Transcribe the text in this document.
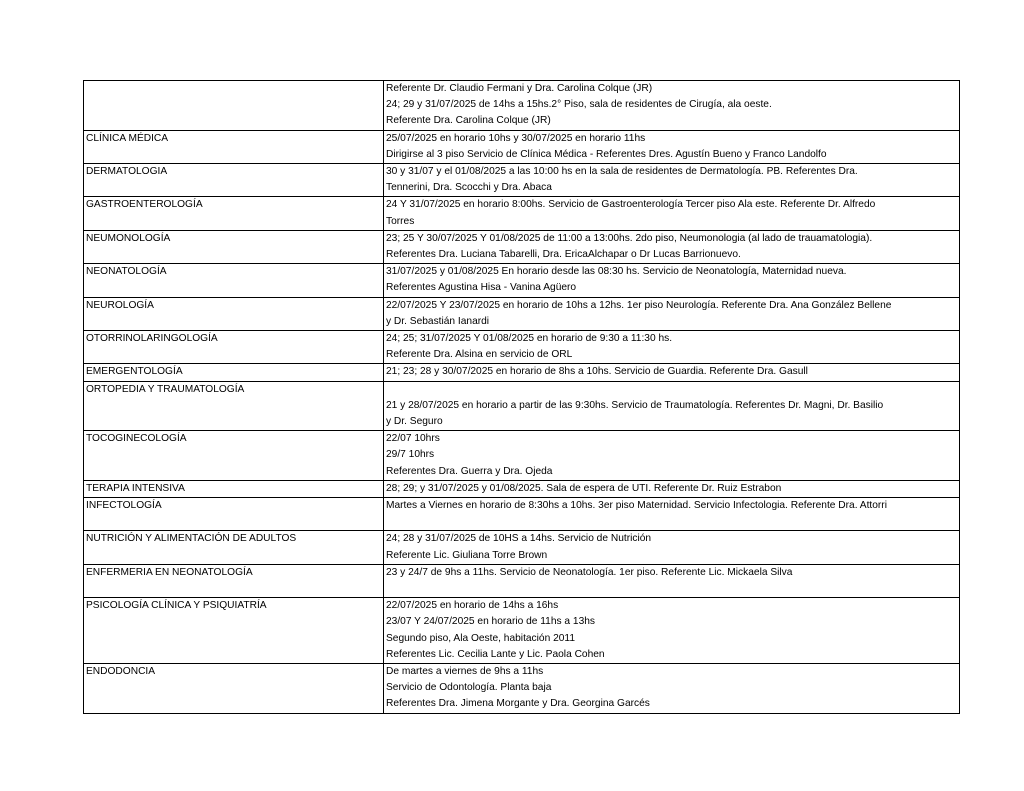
	Referente Dr. Claudio Fermani y Dra. Carolina Colque (JR)
24; 29 y 31/07/2025 de 14hs a 15hs.2° Piso, sala de residentes de Cirugía, ala oeste.
Referente Dra. Carolina Colque (JR)

CLÍNICA MÉDICA	25/07/2025 en horario 10hs y 30/07/2025 en horario 11hs
Dirigirse al 3 piso Servicio de Clínica Médica - Referentes Dres. Agustín Bueno y Franco Landolfo

DERMATOLOGIA	30 y 31/07 y el 01/08/2025 a las 10:00 hs en la sala de residentes de Dermatología. PB. Referentes Dra.
Tennerini, Dra. Scocchi y Dra. Abaca

GASTROENTEROLOGÍA	24 Y 31/07/2025 en horario 8:00hs. Servicio de Gastroenterología Tercer piso Ala este. Referente Dr. Alfredo
Torres

NEUMONOLOGÍA	23; 25 Y 30/07/2025 Y 01/08/2025 de 11:00 a 13:00hs. 2do piso, Neumonologia (al lado de trauamatologia).
Referentes Dra. Luciana Tabarelli, Dra. EricaAlchapar o Dr Lucas Barrionuevo.

NEONATOLOGÍA	31/07/2025 y 01/08/2025 En horario desde las 08:30 hs. Servicio de Neonatología, Maternidad nueva.
Referentes Agustina Hisa - Vanina Agüero

NEUROLOGÍA	22/07/2025 Y 23/07/2025 en horario de 10hs a 12hs. 1er piso Neurología. Referente Dra. Ana González Bellene
y Dr. Sebastián Ianardi

OTORRINOLARINGOLOGÍA	24; 25; 31/07/2025 Y 01/08/2025 en horario de 9:30 a 11:30 hs.
Referente Dra. Alsina en servicio de ORL

EMERGENTOLOGÍA	21; 23; 28 y 30/07/2025 en horario de 8hs a 10hs. Servicio de Guardia. Referente Dra. Gasull

ORTOPEDIA Y TRAUMATOLOGÍA	21 y 28/07/2025 en horario a partir de las 9:30hs. Servicio de Traumatología. Referentes Dr. Magni, Dr. Basilio
y Dr. Seguro

TOCOGINECOLOGÍA	22/07 10hrs
29/7 10hrs
Referentes Dra. Guerra y Dra. Ojeda

TERAPIA INTENSIVA	28; 29; y 31/07/2025 y 01/08/2025. Sala de espera de UTI. Referente Dr. Ruiz Estrabon

INFECTOLOGÍA	Martes a Viernes en horario de 8:30hs a 10hs. 3er piso Maternidad. Servicio Infectologia. Referente Dra. Attorri

NUTRICIÓN Y ALIMENTACIÓN DE ADULTOS	24; 28 y 31/07/2025 de 10HS a 14hs. Servicio de Nutrición
Referente Lic. Giuliana Torre Brown

ENFERMERIA EN NEONATOLOGÍA	23 y 24/7 de 9hs a 11hs. Servicio de Neonatología. 1er piso. Referente Lic. Mickaela Silva

PSICOLOGÍA CLÍNICA Y PSIQUIATRÍA	22/07/2025 en horario de 14hs a 16hs
23/07 Y 24/07/2025 en horario de 11hs a 13hs
Segundo piso, Ala Oeste, habitación 2011
Referentes Lic. Cecilia Lante y Lic. Paola Cohen

ENDODONCIA	De martes a viernes de 9hs a 11hs
Servicio de Odontología. Planta baja
Referentes Dra. Jimena Morgante y Dra. Georgina Garcés
